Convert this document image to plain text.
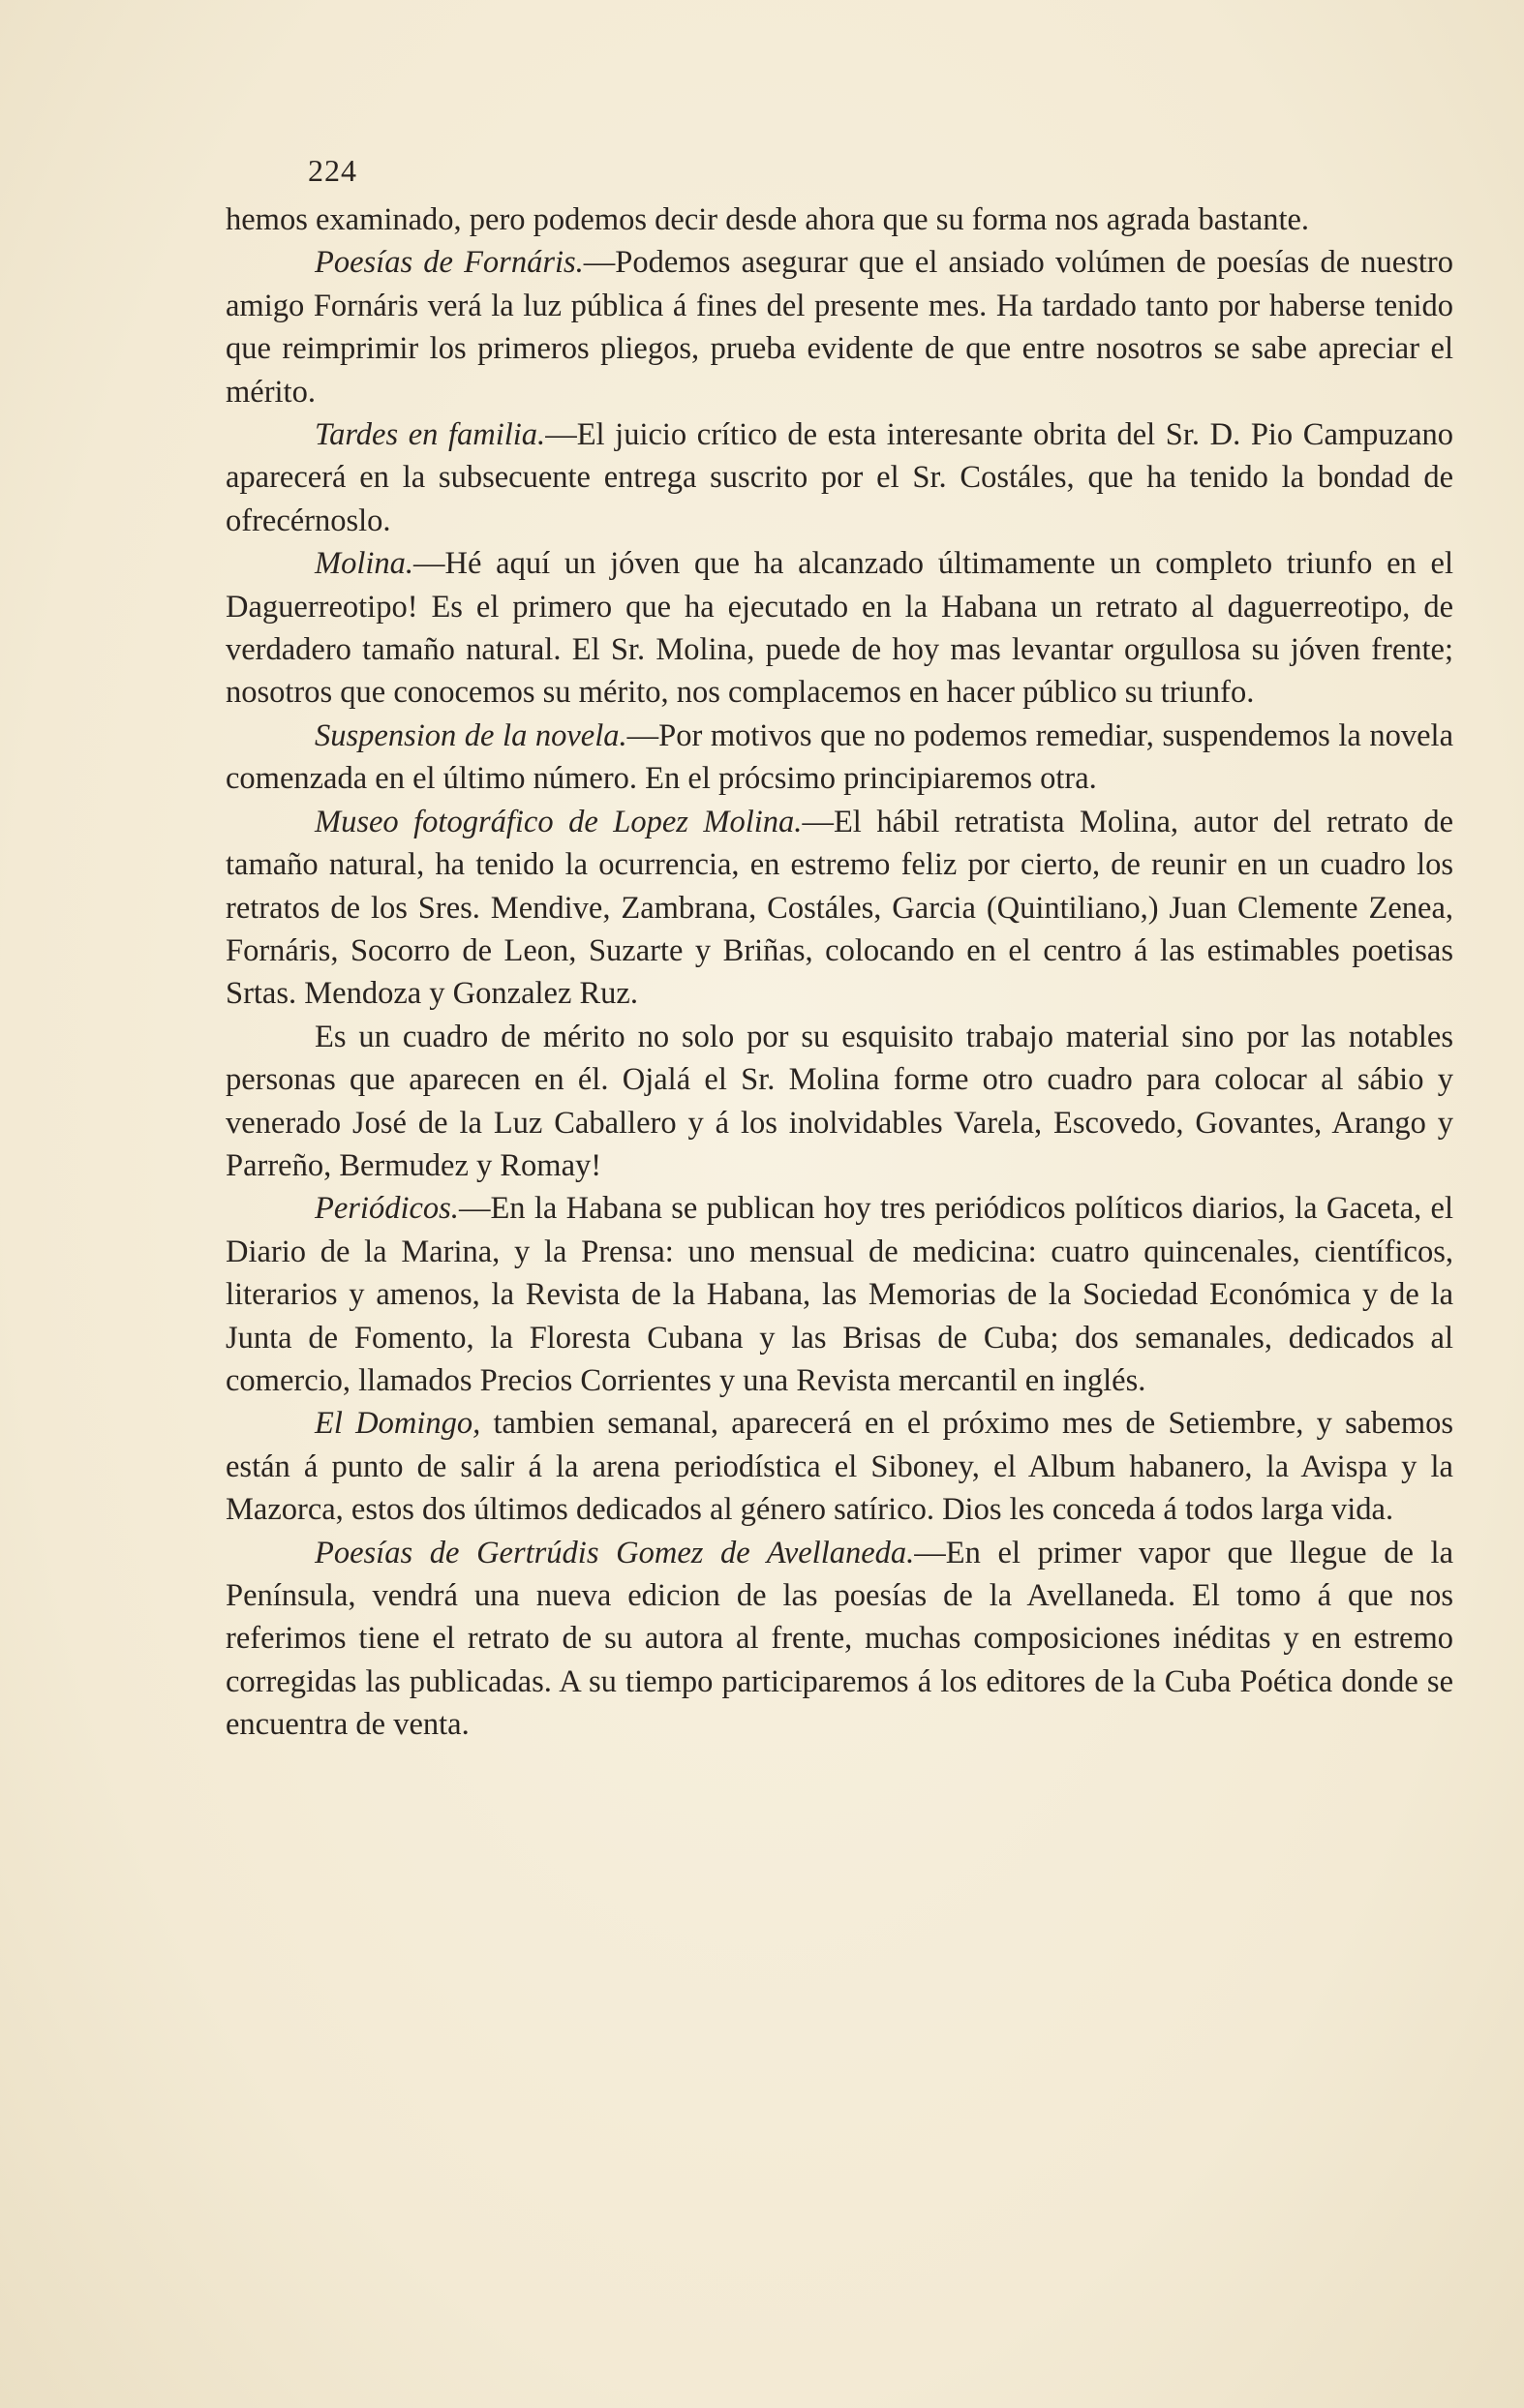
224

hemos examinado, pero podemos decir desde ahora que su forma nos agrada bastante.

Poesías de Fornáris.—Podemos asegurar que el ansiado volúmen de poesías de nuestro amigo Fornáris verá la luz pública á fines del presente mes. Ha tardado tanto por haberse tenido que reimprimir los primeros pliegos, prueba evidente de que entre nosotros se sabe apreciar el mérito.

Tardes en familia.—El juicio crítico de esta interesante obrita del Sr. D. Pio Campuzano aparecerá en la subsecuente entrega suscrito por el Sr. Costáles, que ha tenido la bondad de ofrecérnoslo.

Molina.—Hé aquí un jóven que ha alcanzado últimamente un completo triunfo en el Daguerreotipo! Es el primero que ha ejecutado en la Habana un retrato al daguerreotipo, de verdadero tamaño natural. El Sr. Molina, puede de hoy mas levantar orgullosa su jóven frente; nosotros que conocemos su mérito, nos complacemos en hacer público su triunfo.

Suspension de la novela.—Por motivos que no podemos remediar, suspendemos la novela comenzada en el último número. En el prócsimo principiaremos otra.

Museo fotográfico de Lopez Molina.—El hábil retratista Molina, autor del retrato de tamaño natural, ha tenido la ocurrencia, en estremo feliz por cierto, de reunir en un cuadro los retratos de los Sres. Mendive, Zambrana, Costáles, Garcia (Quintiliano,) Juan Clemente Zenea, Fornáris, Socorro de Leon, Suzarte y Briñas, colocando en el centro á las estimables poetisas Srtas. Mendoza y Gonzalez Ruz.

Es un cuadro de mérito no solo por su esquisito trabajo material sino por las notables personas que aparecen en él. Ojalá el Sr. Molina forme otro cuadro para colocar al sábio y venerado José de la Luz Caballero y á los inolvidables Varela, Escovedo, Govantes, Arango y Parreño, Bermudez y Romay!

Periódicos.—En la Habana se publican hoy tres periódicos políticos diarios, la Gaceta, el Diario de la Marina, y la Prensa: uno mensual de medicina: cuatro quincenales, científicos, literarios y amenos, la Revista de la Habana, las Memorias de la Sociedad Económica y de la Junta de Fomento, la Floresta Cubana y las Brisas de Cuba; dos semanales, dedicados al comercio, llamados Precios Corrientes y una Revista mercantil en inglés.

El Domingo, tambien semanal, aparecerá en el próximo mes de Setiembre, y sabemos están á punto de salir á la arena periodística el Siboney, el Album habanero, la Avispa y la Mazorca, estos dos últimos dedicados al género satírico. Dios les conceda á todos larga vida.

Poesías de Gertrúdis Gomez de Avellaneda.—En el primer vapor que llegue de la Península, vendrá una nueva edicion de las poesías de la Avellaneda. El tomo á que nos referimos tiene el retrato de su autora al frente, muchas composiciones inéditas y en estremo corregidas las publicadas. A su tiempo participaremos á los editores de la Cuba Poética donde se encuentra de venta.
